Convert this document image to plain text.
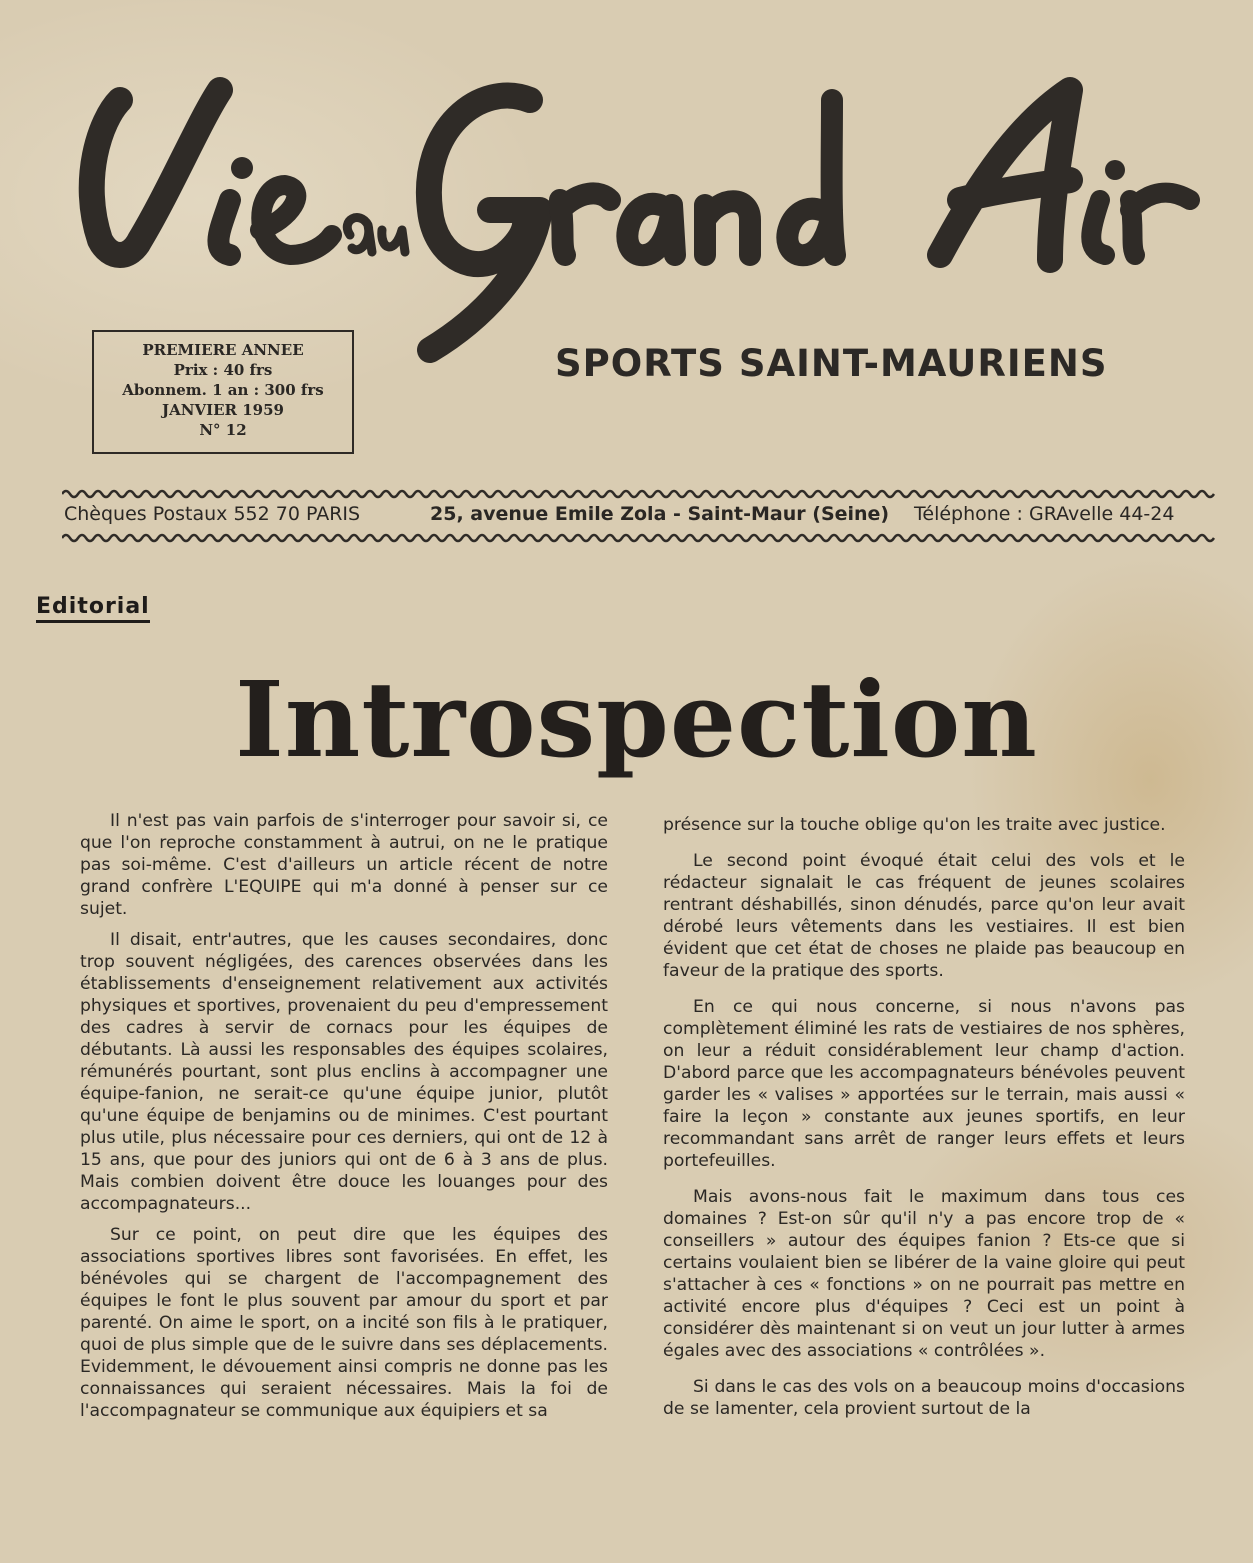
PREMIERE ANNEE
Prix : 40 frs
Abonnem. 1 an : 300 frs
JANVIER 1959
N° 12
SPORTS SAINT-MAURIENS
Chèques Postaux 552 70 PARIS	25, avenue Emile Zola - Saint-Maur (Seine) Téléphone : GRAvelle 44-24
Editorial
Introspection

Il n'est pas vain parfois de s'interroger pour savoir si, ce que l'on reproche constamment à autrui, on ne le pratique pas soi-même. C'est d'ailleurs un article récent de notre grand confrère L'EQUIPE qui m'a donné à penser sur ce sujet.

Il disait, entr'autres, que les causes secondaires, donc trop souvent négligées, des carences observées dans les établissements d'enseignement relativement aux activités physiques et sportives, provenaient du peu d'empressement des cadres à servir de cornacs pour les équipes de débutants. Là aussi les responsables des équipes scolaires, rémunérés pourtant, sont plus enclins à accompagner une équipe-fanion, ne serait-ce qu'une équipe junior, plutôt qu'une équipe de benjamins ou de minimes. C'est pourtant plus utile, plus nécessaire pour ces derniers, qui ont de 12 à 15 ans, que pour des juniors qui ont de 6 à 3 ans de plus. Mais combien doivent être douce les louanges pour des accompagnateurs...

Sur ce point, on peut dire que les équipes des associations sportives libres sont favorisées. En effet, les bénévoles qui se chargent de l'accompagnement des équipes le font le plus souvent par amour du sport et par parenté. On aime le sport, on a incité son fils à le pratiquer, quoi de plus simple que de le suivre dans ses déplacements. Evidemment, le dévouement ainsi compris ne donne pas les connaissances qui seraient nécessaires. Mais la foi de l'accompagnateur se communique aux équipiers et sa

présence sur la touche oblige qu'on les traite avec justice.

Le second point évoqué était celui des vols et le rédacteur signalait le cas fréquent de jeunes scolaires rentrant déshabillés, sinon dénudés, parce qu'on leur avait dérobé leurs vêtements dans les vestiaires. Il est bien évident que cet état de choses ne plaide pas beaucoup en faveur de la pratique des sports.

En ce qui nous concerne, si nous n'avons pas complètement éliminé les rats de vestiaires de nos sphères, on leur a réduit considérablement leur champ d'action. D'abord parce que les accompagnateurs bénévoles peuvent garder les « valises » apportées sur le terrain, mais aussi « faire la leçon » constante aux jeunes sportifs, en leur recommandant sans arrêt de ranger leurs effets et leurs portefeuilles.

Mais avons-nous fait le maximum dans tous ces domaines ? Est-on sûr qu'il n'y a pas encore trop de « conseillers » autour des équipes fanion ? Ets-ce que si certains voulaient bien se libérer de la vaine gloire qui peut s'attacher à ces « fonctions » on ne pourrait pas mettre en activité encore plus d'équipes ? Ceci est un point à considérer dès maintenant si on veut un jour lutter à armes égales avec des associations « contrôlées ».

Si dans le cas des vols on a beaucoup moins d'occasions de se lamenter, cela provient surtout de la
